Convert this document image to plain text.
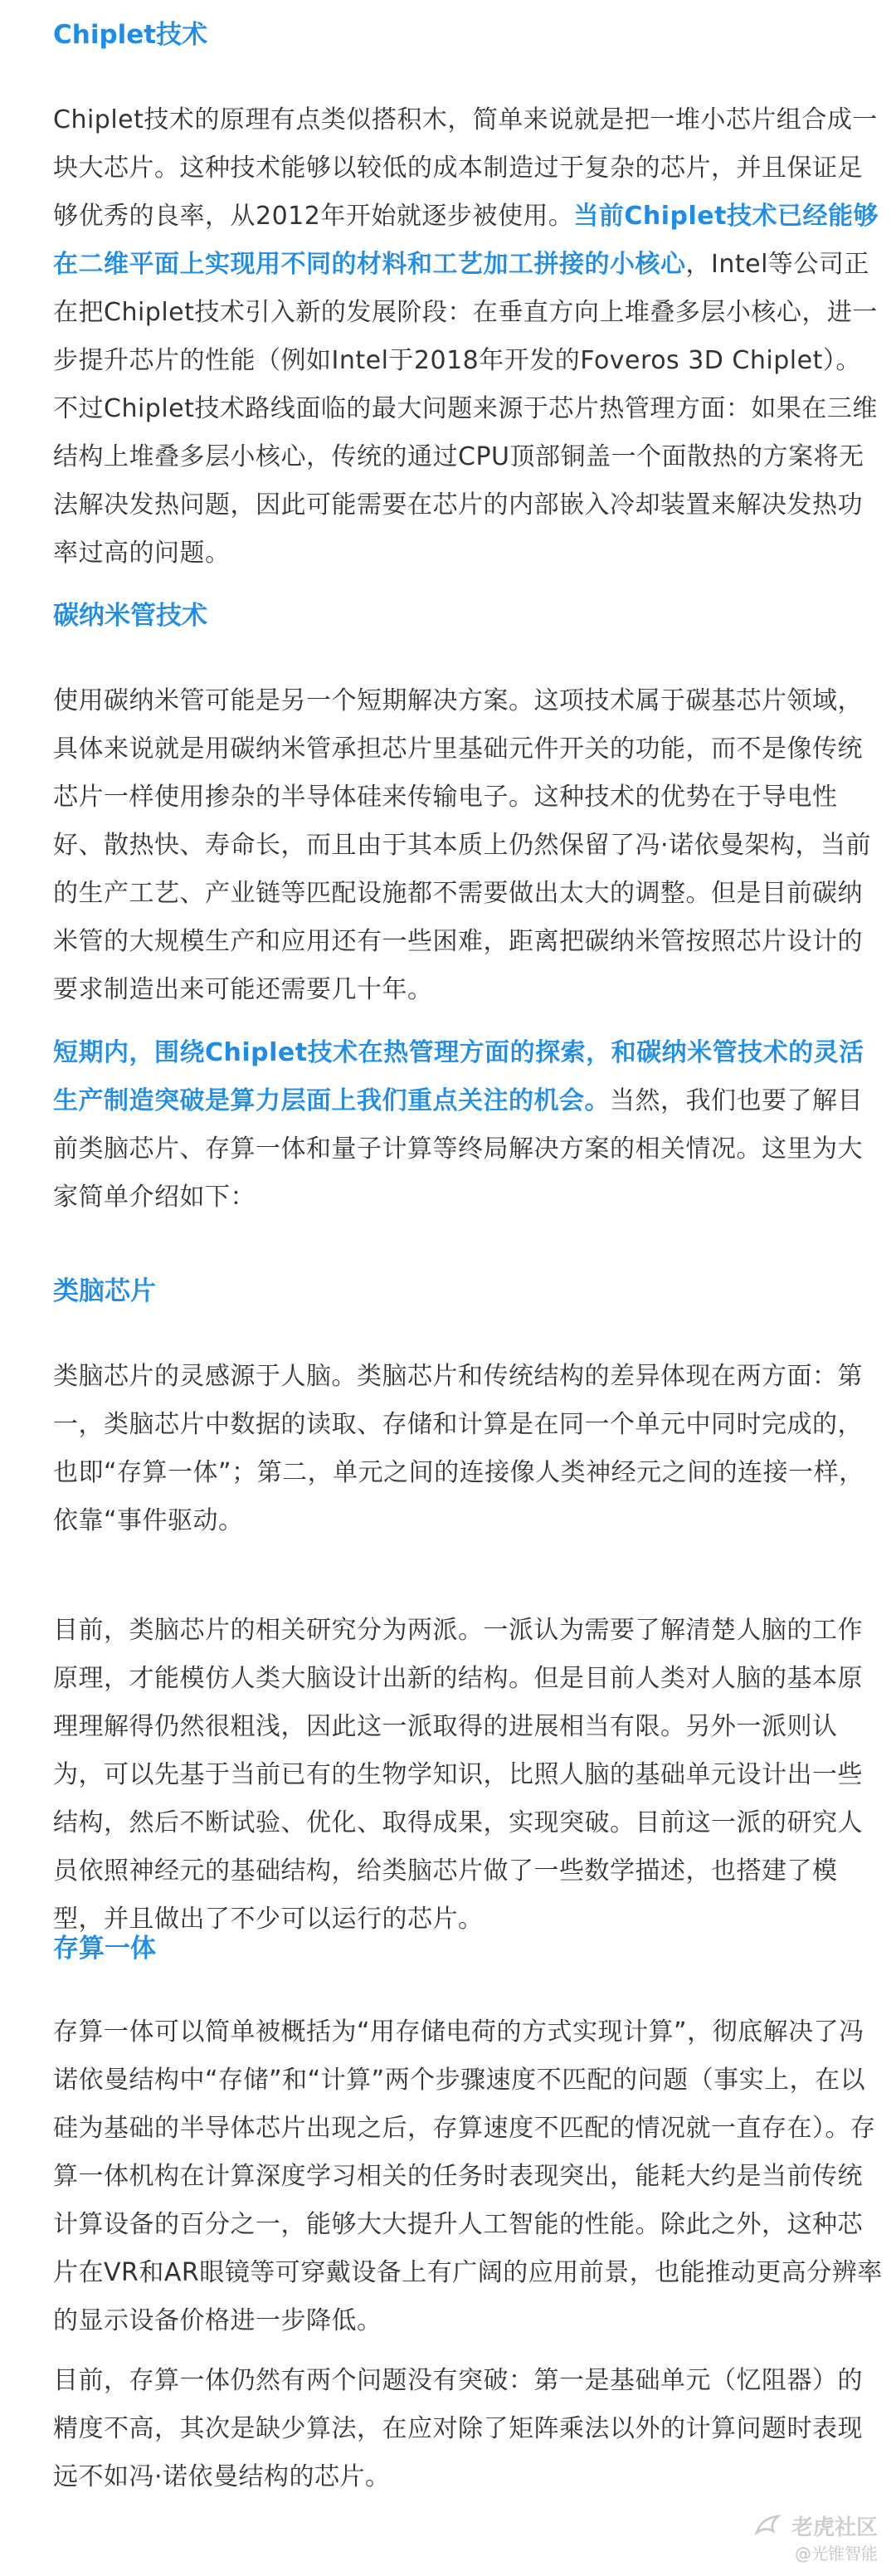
Chiplet技术

Chiplet技术的原理有点类似搭积木，简单来说就是把一堆小芯片组合成一块大芯片。这种技术能够以较低的成本制造过于复杂的芯片，并且保证足够优秀的良率，从2012年开始就逐步被使用。当前Chiplet技术已经能够在二维平面上实现用不同的材料和工艺加工拼接的小核心，Intel等公司正在把Chiplet技术引入新的发展阶段：在垂直方向上堆叠多层小核心，进一步提升芯片的性能（例如Intel于2018年开发的Foveros 3D Chiplet）。不过Chiplet技术路线面临的最大问题来源于芯片热管理方面：如果在三维结构上堆叠多层小核心，传统的通过CPU顶部铜盖一个面散热的方案将无法解决发热问题，因此可能需要在芯片的内部嵌入冷却装置来解决发热功率过高的问题。

碳纳米管技术

使用碳纳米管可能是另一个短期解决方案。这项技术属于碳基芯片领域，具体来说就是用碳纳米管承担芯片里基础元件开关的功能，而不是像传统芯片一样使用掺杂的半导体硅来传输电子。这种技术的优势在于导电性好、散热快、寿命长，而且由于其本质上仍然保留了冯·诺依曼架构，当前的生产工艺、产业链等匹配设施都不需要做出太大的调整。但是目前碳纳米管的大规模生产和应用还有一些困难，距离把碳纳米管按照芯片设计的要求制造出来可能还需要几十年。

短期内，围绕Chiplet技术在热管理方面的探索，和碳纳米管技术的灵活生产制造突破是算力层面上我们重点关注的机会。当然，我们也要了解目前类脑芯片、存算一体和量子计算等终局解决方案的相关情况。这里为大家简单介绍如下：

类脑芯片

类脑芯片的灵感源于人脑。类脑芯片和传统结构的差异体现在两方面：第一，类脑芯片中数据的读取、存储和计算是在同一个单元中同时完成的，也即“存算一体”；第二，单元之间的连接像人类神经元之间的连接一样，依靠“事件驱动。

目前，类脑芯片的相关研究分为两派。一派认为需要了解清楚人脑的工作原理，才能模仿人类大脑设计出新的结构。但是目前人类对人脑的基本原理理解得仍然很粗浅，因此这一派取得的进展相当有限。另外一派则认为，可以先基于当前已有的生物学知识，比照人脑的基础单元设计出一些结构，然后不断试验、优化、取得成果，实现突破。目前这一派的研究人员依照神经元的基础结构，给类脑芯片做了一些数学描述，也搭建了模型，并且做出了不少可以运行的芯片。

存算一体

存算一体可以简单被概括为“用存储电荷的方式实现计算”，彻底解决了冯诺依曼结构中“存储”和“计算”两个步骤速度不匹配的问题（事实上，在以硅为基础的半导体芯片出现之后，存算速度不匹配的情况就一直存在）。存算一体机构在计算深度学习相关的任务时表现突出，能耗大约是当前传统计算设备的百分之一，能够大大提升人工智能的性能。除此之外，这种芯片在VR和AR眼镜等可穿戴设备上有广阔的应用前景，也能推动更高分辨率的显示设备价格进一步降低。

目前，存算一体仍然有两个问题没有突破：第一是基础单元（忆阻器）的精度不高，其次是缺少算法，在应对除了矩阵乘法以外的计算问题时表现远不如冯·诺依曼结构的芯片。

老虎社区
@光锥智能
